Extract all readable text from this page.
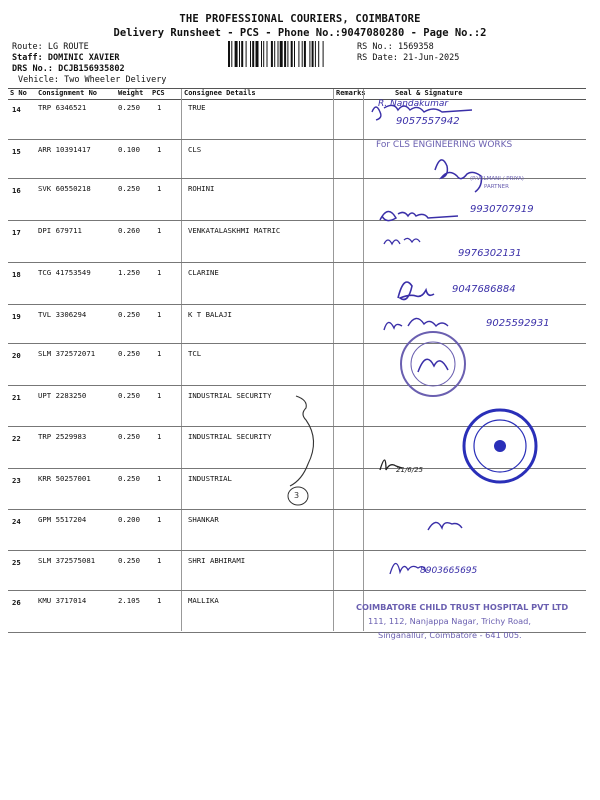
THE PROFESSIONAL COURIERS, COIMBATORE
Delivery Runsheet - PCS - Phone No.:9047080280 - Page No.:2
Route: LG ROUTE
Staff: DOMINIC XAVIER
DRS No.: DCJB156935802
Vehicle: Two Wheeler Delivery
RS No.: 1569358
RS Date: 21-Jun-2025
S No Consignment No	Weight PCS	Consignee Details	Remarks	Seal & Signature
14 TRP 6346521	0.250 1	TRUE
15 ARR 10391417	0.100 1	CLS
16 SVK 60550218	0.250 1	ROHINI
17 DPI 679711	0.260 1	VENKATALASKHMI MATRIC
18 TCG 41753549	1.250 1	CLARINE
19 TVL 3306294	0.250 1	K T BALAJI
20 SLM 372572071	0.250 1	TCL
21 UPT 2283250	0.250 1	INDUSTRIAL SECURITY
22 TRP 2529983	0.250 1	INDUSTRIAL SECURITY
23 KRR 50257001	0.250 1	INDUSTRIAL
24 GPM 5517204	0.200 1	SHANKAR
25 SLM 372575081	0.250 1	SHRI ABHIRAMI
26 KMU 3717014	2.105 1	MALLIKA
For CLS ENGINEERING WORKS
(P.VELMANI / PRIYA)
PARTNER
COIMBATORE CHILD TRUST HOSPITAL PVT LTD
111, 112, Nanjappa Nagar, Trichy Road,
Singanallur, Coimbatore - 641 005.
R. Nandakumar
9057557942
9930707919
9976302131
9047686884
9025592931
21/6/25
3
8903665695
